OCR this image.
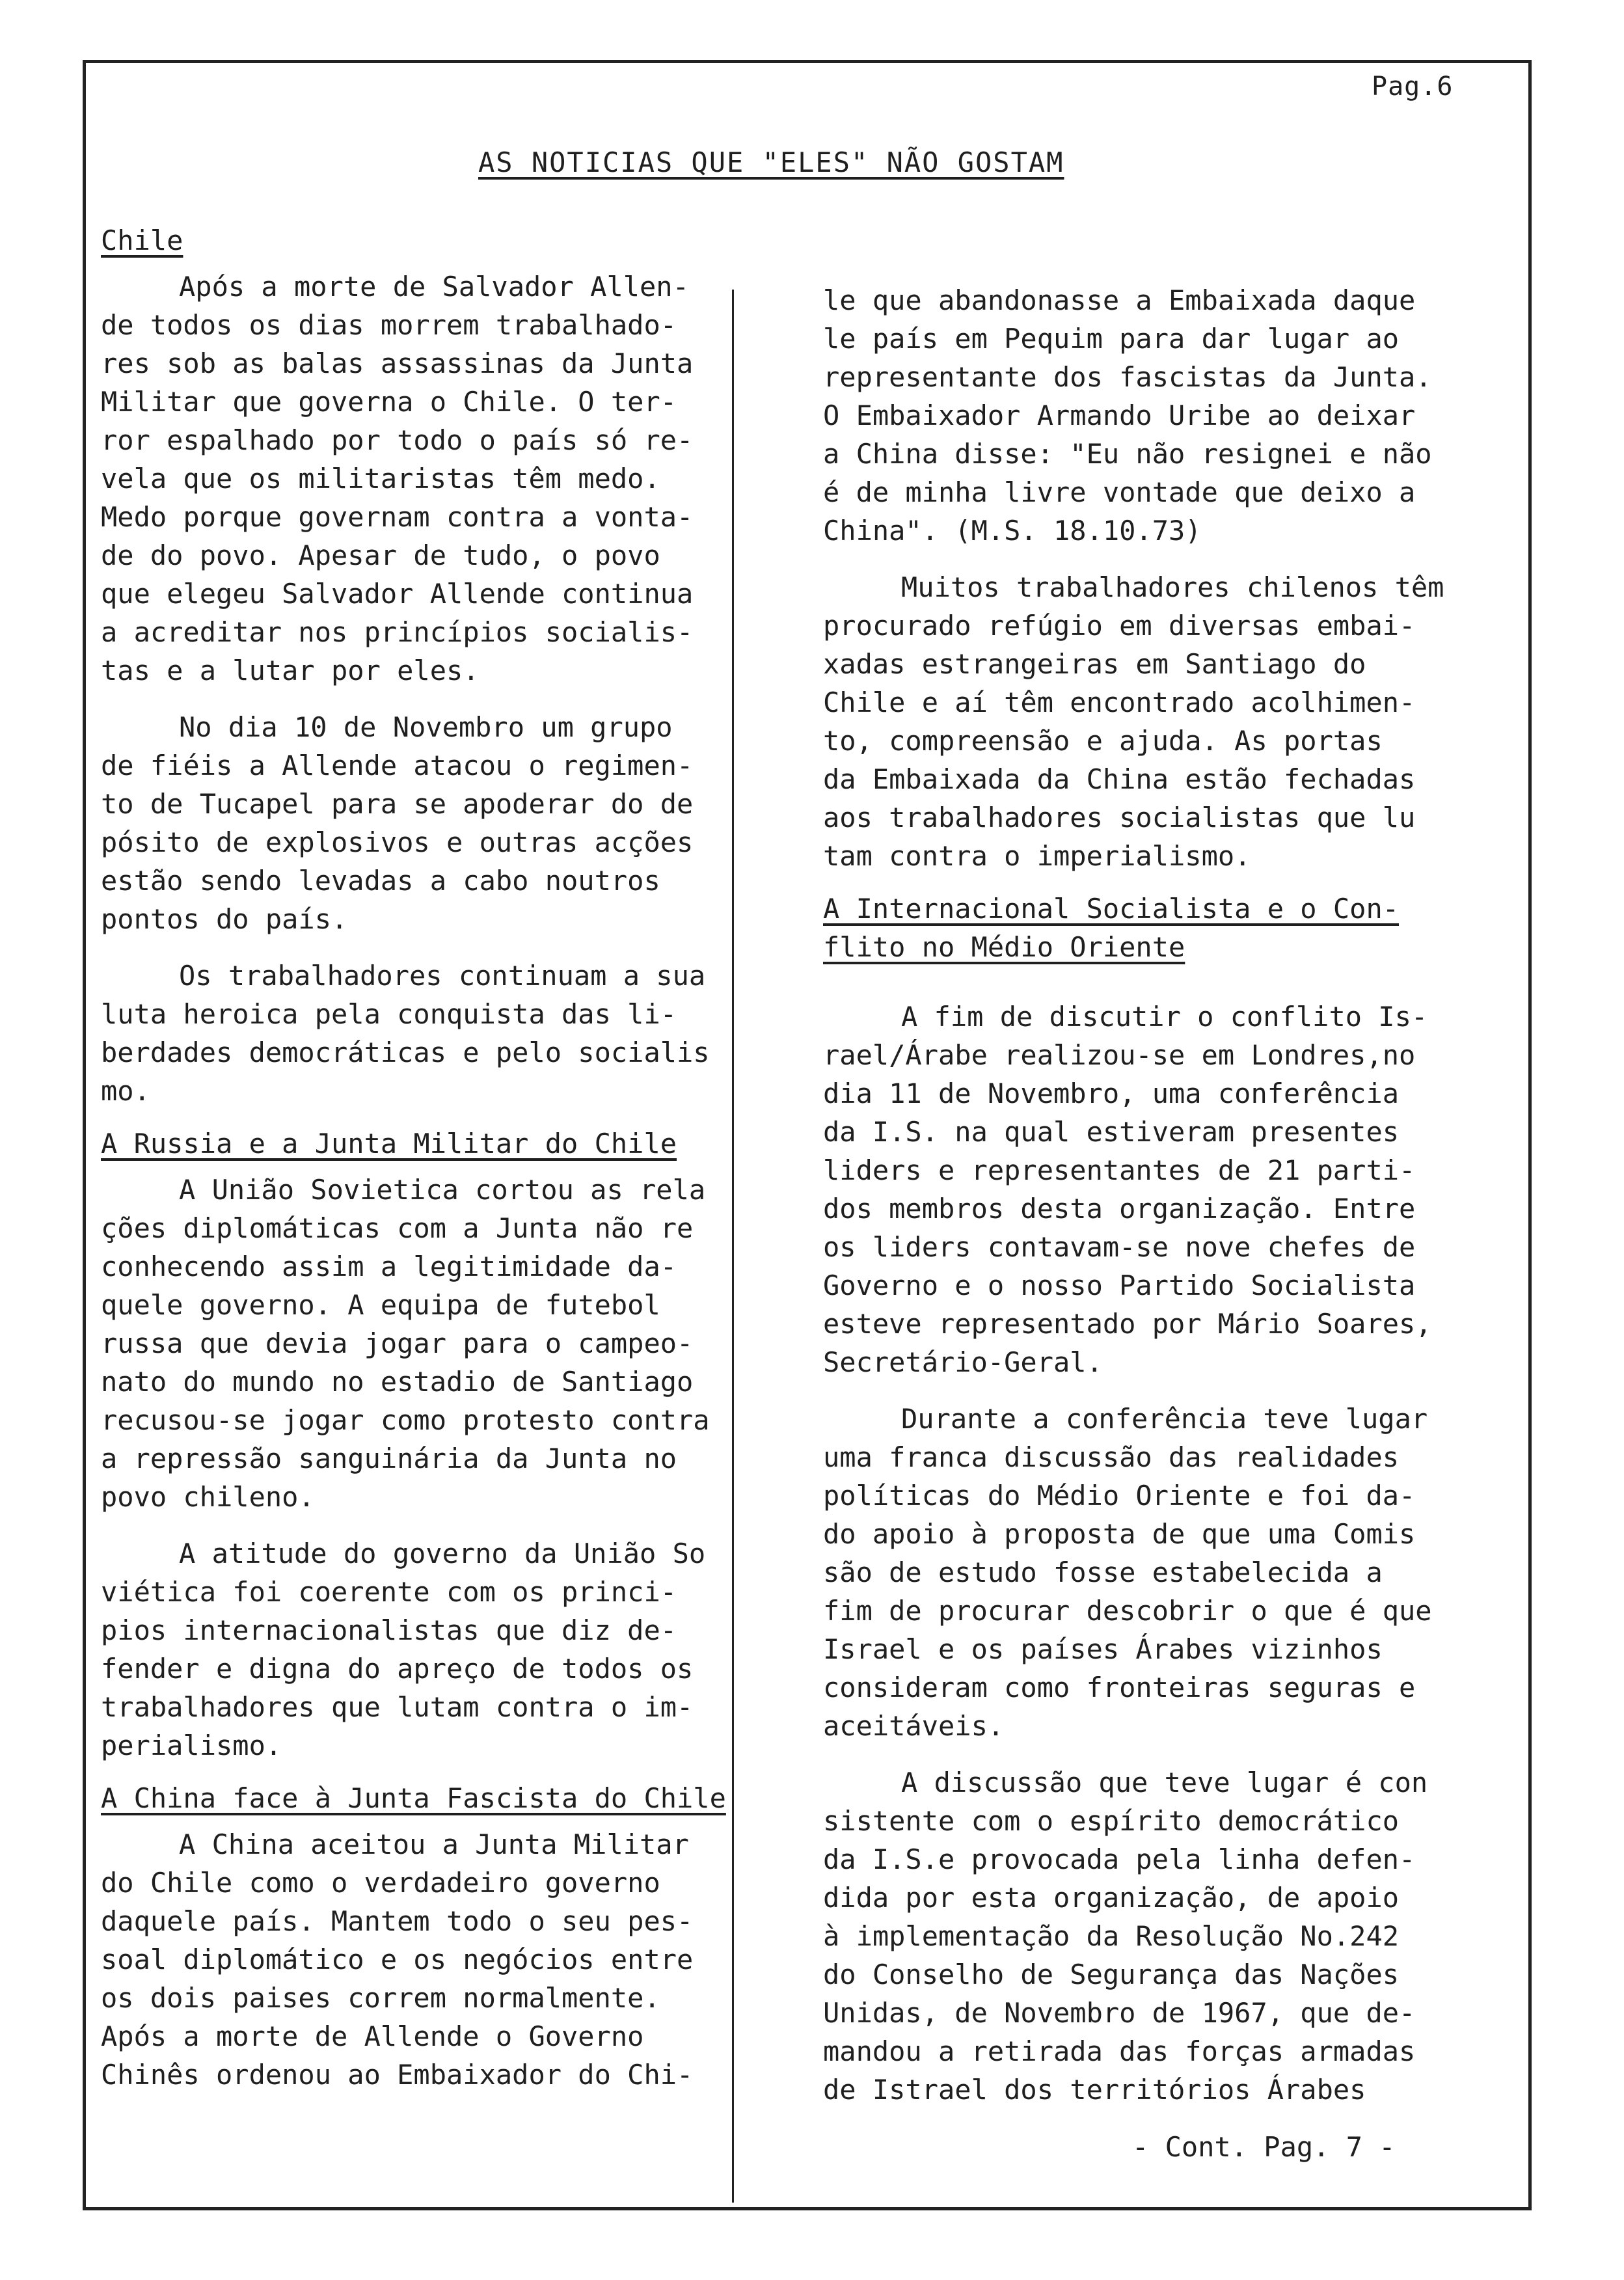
Pag.6
AS NOTICIAS QUE "ELES" NÃO GOSTAM
Chile
Após a morte de Salvador Allen-
de todos os dias morrem trabalhado-
res sob as balas assassinas da Junta
Militar que governa o Chile. O ter-
ror espalhado por todo o país só re-
vela que os militaristas têm medo.
Medo porque governam contra a vonta-
de do povo. Apesar de tudo, o povo
que elegeu Salvador Allende continua
a acreditar nos princípios socialis-
tas e a lutar por eles.
No dia 10 de Novembro um grupo
de fiéis a Allende atacou o regimen-
to de Tucapel para se apoderar do de
pósito de explosivos e outras acções
estão sendo levadas a cabo noutros
pontos do país.
Os trabalhadores continuam a sua
luta heroica pela conquista das li-
berdades democráticas e pelo socialis
mo.
A Russia e a Junta Militar do Chile
A União Sovietica cortou as rela
ções diplomáticas com a Junta não re
conhecendo assim a legitimidade da-
quele governo. A equipa de futebol
russa que devia jogar para o campeo-
nato do mundo no estadio de Santiago
recusou-se jogar como protesto contra
a repressão sanguinária da Junta no
povo chileno.
A atitude do governo da União So
viética foi coerente com os princi-
pios internacionalistas que diz de-
fender e digna do apreço de todos os
trabalhadores que lutam contra o im-
perialismo.
A China face à Junta Fascista do Chile
A China aceitou a Junta Militar
do Chile como o verdadeiro governo
daquele país. Mantem todo o seu pes-
soal diplomático e os negócios entre
os dois paises correm normalmente.
Após a morte de Allende o Governo
Chinês ordenou ao Embaixador do Chi-
le que abandonasse a Embaixada daque
le país em Pequim para dar lugar ao
representante dos fascistas da Junta.
O Embaixador Armando Uribe ao deixar
a China disse: "Eu não resignei e não
é de minha livre vontade que deixo a
China". (M.S. 18.10.73)
Muitos trabalhadores chilenos têm
procurado refúgio em diversas embai-
xadas estrangeiras em Santiago do
Chile e aí têm encontrado acolhimen-
to, compreensão e ajuda. As portas
da Embaixada da China estão fechadas
aos trabalhadores socialistas que lu
tam contra o imperialismo.
A Internacional Socialista e o Con-
flito no Médio Oriente
A fim de discutir o conflito Is-
rael/Árabe realizou-se em Londres,no
dia 11 de Novembro, uma conferência
da I.S. na qual estiveram presentes
liders e representantes de 21 parti-
dos membros desta organização. Entre
os liders contavam-se nove chefes de
Governo e o nosso Partido Socialista
esteve representado por Mário Soares,
Secretário-Geral.
Durante a conferência teve lugar
uma franca discussão das realidades
políticas do Médio Oriente e foi da-
do apoio à proposta de que uma Comis
são de estudo fosse estabelecida a
fim de procurar descobrir o que é que
Israel e os países Árabes vizinhos
consideram como fronteiras seguras e
aceitáveis.
A discussão que teve lugar é con
sistente com o espírito democrático
da I.S.e provocada pela linha defen-
dida por esta organização, de apoio
à implementação da Resolução No.242
do Conselho de Segurança das Nações
Unidas, de Novembro de 1967, que de-
mandou a retirada das forças armadas
de Istrael dos territórios Árabes
- Cont. Pag. 7 -
